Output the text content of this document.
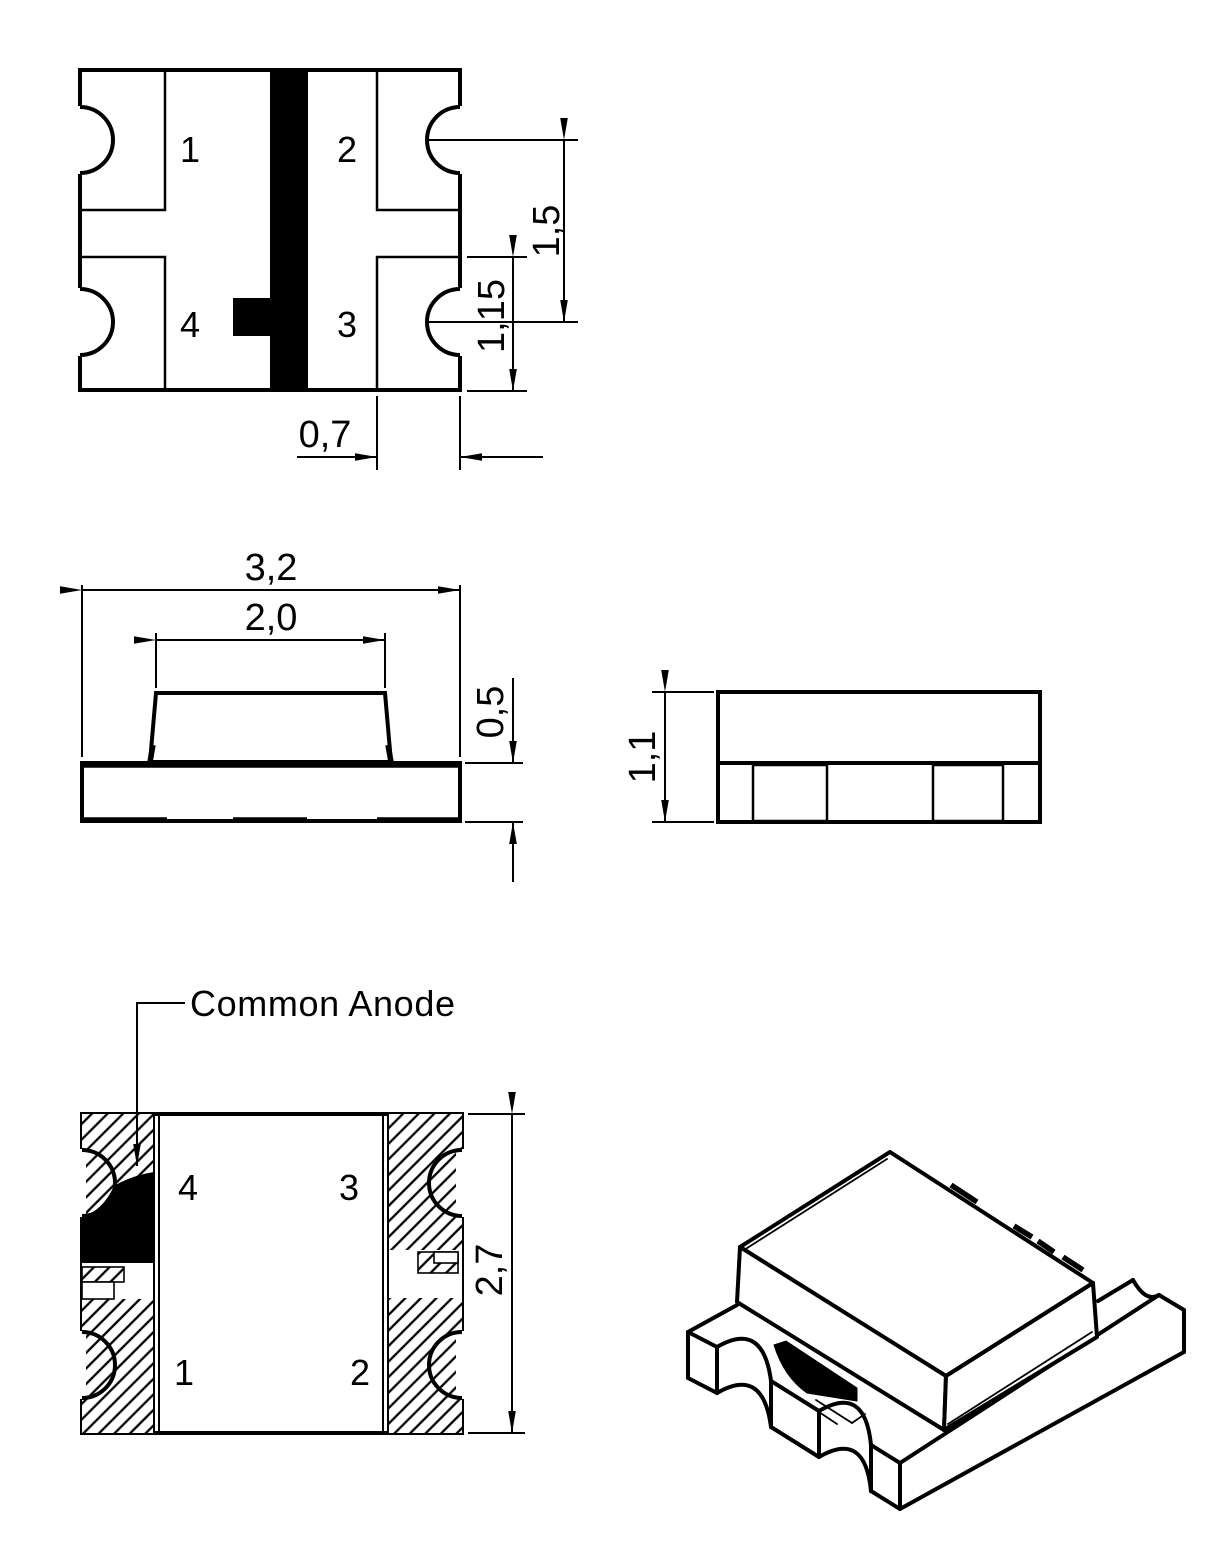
1	2
4	3
1,5
1,15
0,7
3,2
2,0
0,5
1,1
4	3
1	2
Common Anode
2,7
